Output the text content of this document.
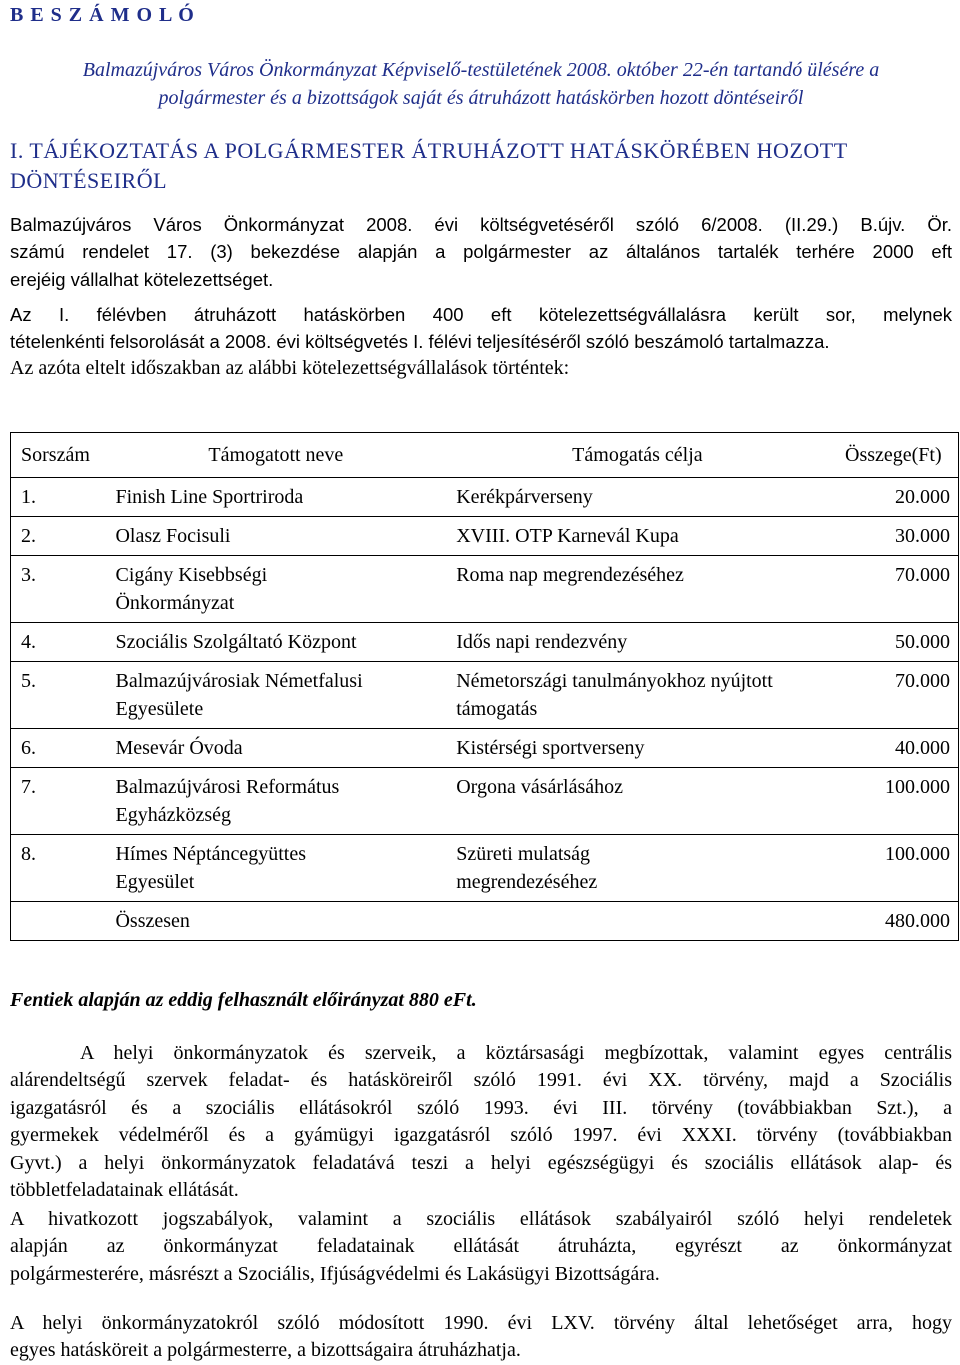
B E S Z Á M O L Ó
Balmazújváros Város Önkormányzat Képviselő-testületének 2008. október 22-én tartandó ülésére a
polgármester és a bizottságok saját és átruházott hatáskörben hozott döntéseiről
I. TÁJÉKOZTATÁS A POLGÁRMESTER ÁTRUHÁZOTT HATÁSKÖRÉBEN HOZOTT
DÖNTÉSEIRŐL
Balmazújváros Város Önkormányzat 2008. évi költségvetéséről szóló 6/2008. (II.29.) B.újv. Ör.
számú rendelet 17. (3) bekezdése alapján a polgármester az általános tartalék terhére 2000 eft
erejéig vállalhat kötelezettséget.
Az I. félévben átruházott hatáskörben 400 eft kötelezettségvállalásra került sor, melynek
tételenkénti felsorolását a 2008. évi költségvetés I. félévi teljesítéséről szóló beszámoló tartalmazza.
Az azóta eltelt időszakban az alábbi kötelezettségvállalások történtek:
Sorszám	Támogatott neve	Támogatás célja	Összege(Ft)
1.	Finish Line Sportriroda	Kerékpárverseny	20.000
2.	Olasz Focisuli	XVIII. OTP Karnevál Kupa	30.000
3.	Cigány Kisebbségi Önkormányzat	Roma nap megrendezéséhez	70.000
4.	Szociális Szolgáltató Központ	Idős napi rendezvény	50.000
5.	Balmazújvárosiak Németfalusi Egyesülete	Németországi tanulmányokhoz nyújtott támogatás	70.000
6.	Mesevár Óvoda	Kistérségi sportverseny	40.000
7.	Balmazújvárosi Református Egyházközség	Orgona vásárlásához	100.000
8.	Hímes Néptáncegyüttes Egyesület	Szüreti mulatság megrendezéséhez	100.000
	Összesen		480.000
Fentiek alapján az eddig felhasznált előirányzat 880 eFt.
A helyi önkormányzatok és szerveik, a köztársasági megbízottak, valamint egyes centrális
alárendeltségű szervek feladat- és hatásköreiről szóló 1991. évi XX. törvény, majd a Szociális
igazgatásról és a szociális ellátásokról szóló 1993. évi III. törvény (továbbiakban Szt.), a
gyermekek védelméről és a gyámügyi igazgatásról szóló 1997. évi XXXI. törvény (továbbiakban
Gyvt.) a helyi önkormányzatok feladatává teszi a helyi egészségügyi és szociális ellátások alap- és
többletfeladatainak ellátását.
A hivatkozott jogszabályok, valamint a szociális ellátások szabályairól szóló helyi rendeletek
alapján az önkormányzat feladatainak ellátását átruházta, egyrészt az önkormányzat
polgármesterére, másrészt a Szociális, Ifjúságvédelmi és Lakásügyi Bizottságára.
A helyi önkormányzatokról szóló módosított 1990. évi LXV. törvény által lehetőséget arra, hogy
egyes hatásköreit a polgármesterre, a bizottságaira átruházhatja.
